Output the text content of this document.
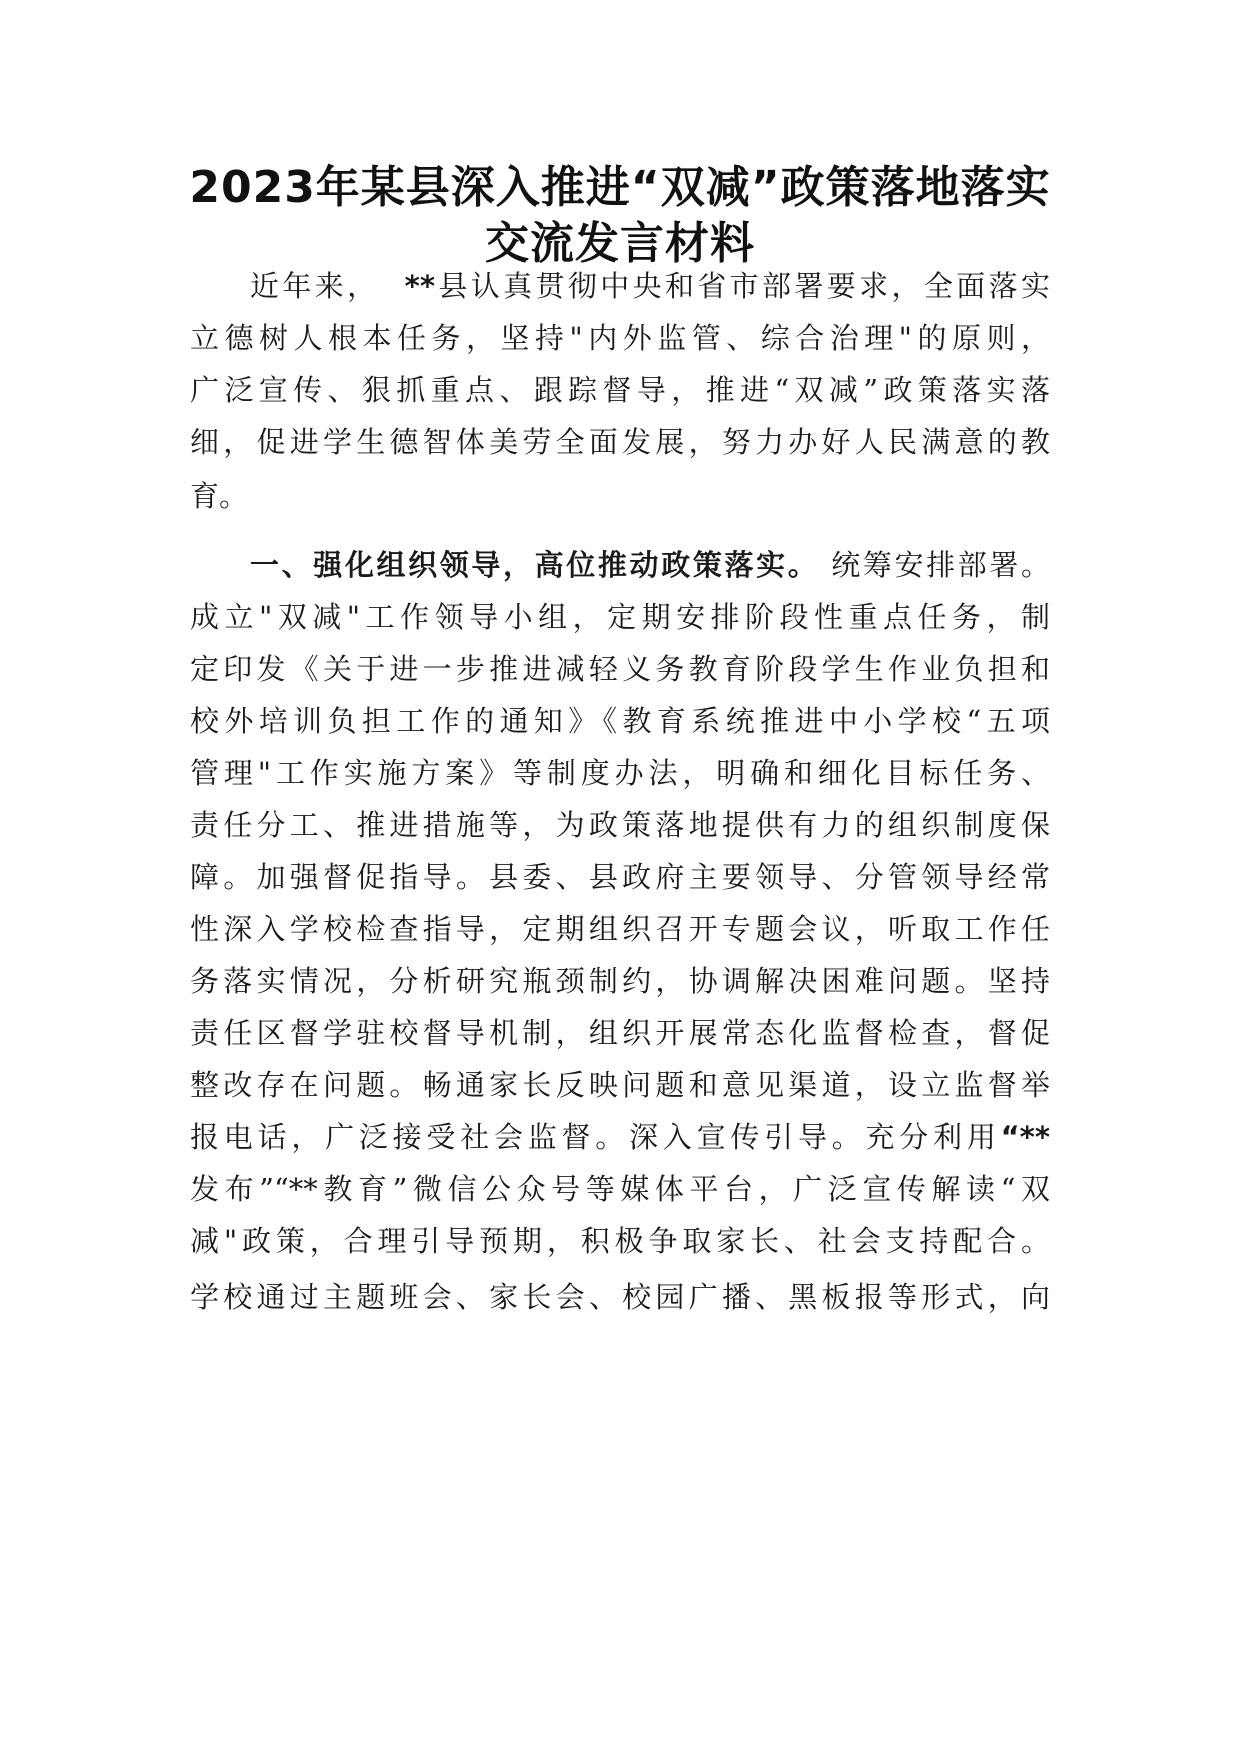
2023年某县深入推进“双减”政策落地落实
交流发言材料
近年来， **县认真贯彻中央和省市部署要求，全面落实
立德树人根本任务，坚持"内外监管、综合治理"的原则，
广泛宣传、狠抓重点、跟踪督导，推进“双减”政策落实落
细，促进学生德智体美劳全面发展，努力办好人民满意的教
育。
一、强化组织领导，高位推动政策落实。 统筹安排部署。
成立"双减"工作领导小组，定期安排阶段性重点任务，制
定印发《关于进一步推进减轻义务教育阶段学生作业负担和
校外培训负担工作的通知》《教育系统推进中小学校“五项
管理"工作实施方案》等制度办法，明确和细化目标任务、
责任分工、推进措施等，为政策落地提供有力的组织制度保
障。加强督促指导。县委、县政府主要领导、分管领导经常
性深入学校检查指导，定期组织召开专题会议，听取工作任
务落实情况，分析研究瓶颈制约，协调解决困难问题。坚持
责任区督学驻校督导机制，组织开展常态化监督检查，督促
整改存在问题。畅通家长反映问题和意见渠道，设立监督举
报电话，广泛接受社会监督。深入宣传引导。充分利用“**
发布”“**教育”微信公众号等媒体平台，广泛宣传解读“双
减"政策，合理引导预期，积极争取家长、社会支持配合。
学校通过主题班会、家长会、校园广播、黑板报等形式，向
